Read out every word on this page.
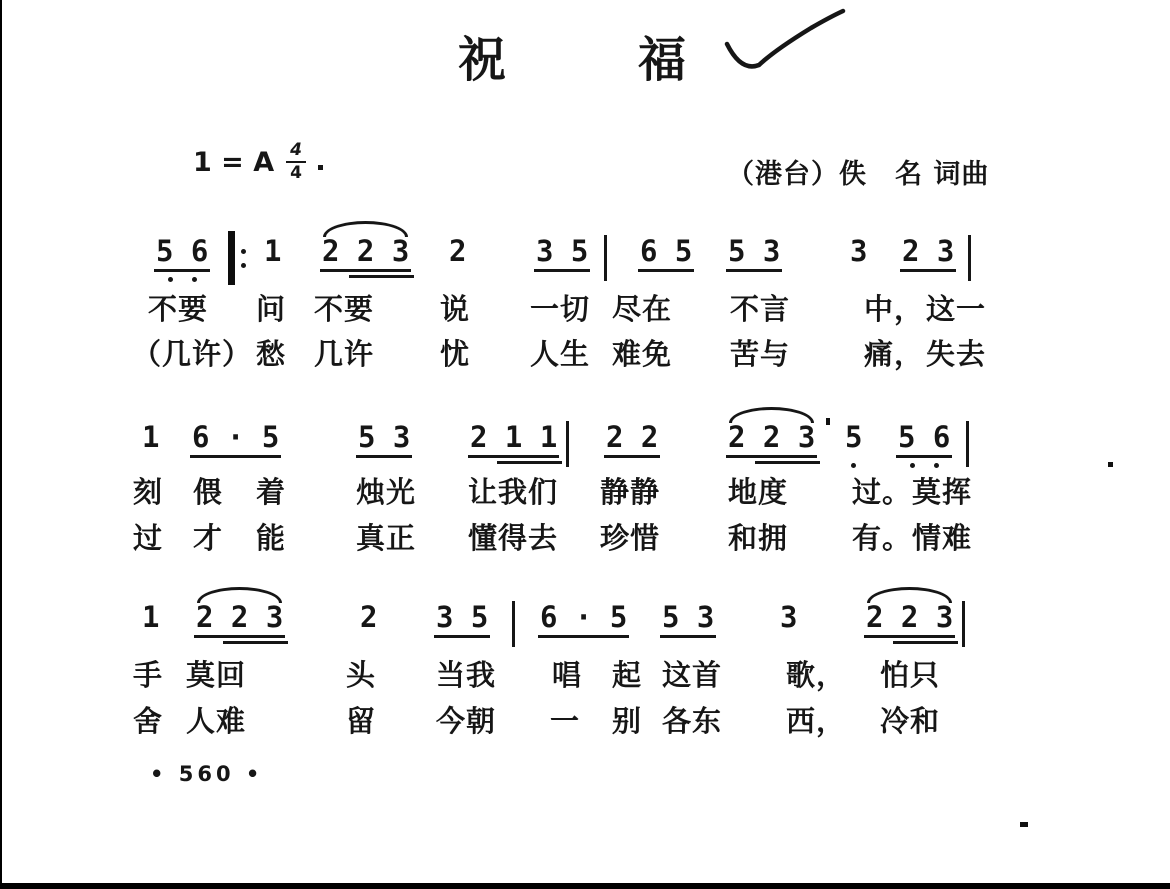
祝	福
1 = A $\frac{4}{4}$	（港台）佚　名 词曲
5 6 1 2 2 3 2 3 5 6 5 5 3 3 2 3
不要 问 不要 说 一切 尽在 不言	中， 这一
（几许） 愁 几许 忧 人生 难免 苦与	痛， 失去
1 6 · 5	5 3 2 1 1 2 2 2 2 3 5 5 6
刻 偎 着 烛光 让我们 静静 地度 过。 莫挥
过 才 能 真正 懂得去 珍惜 和拥 有。 情难
1 2 2 3	2 3 5 6 · 5 5 3 3 2 2 3
手 莫回	头 当我 唱 起 这首 歌， 怕只
舍 人难	留 今朝 一 别 各东 西， 冷和
• 560 •
